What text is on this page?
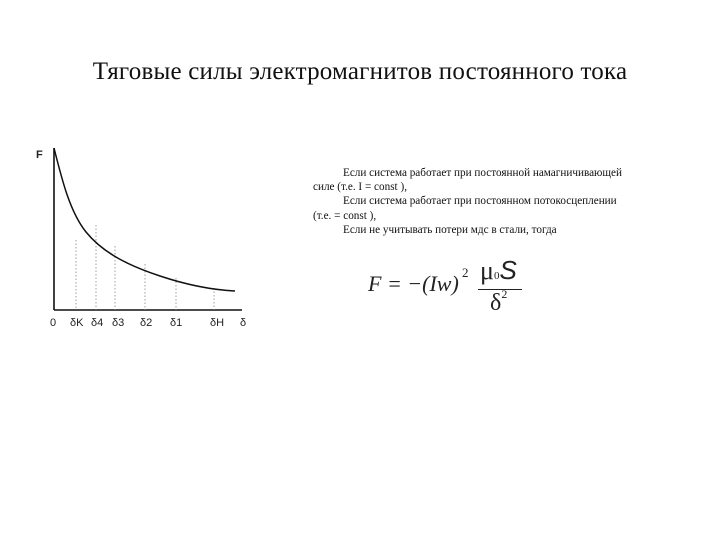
Тяговые силы электромагнитов постоянного тока
F
0 δK δ4 δ3 δ2 δ1	δH δ

Если система работает при постоянной намагничивающей силе (т.е. I = const ),

Если система работает при постоянном потокосцеплении (т.е. = const ),

Если не учитывать потери мдс в стали, тогда

F = −(Iw) 2 μ0S
$\delta^2$
